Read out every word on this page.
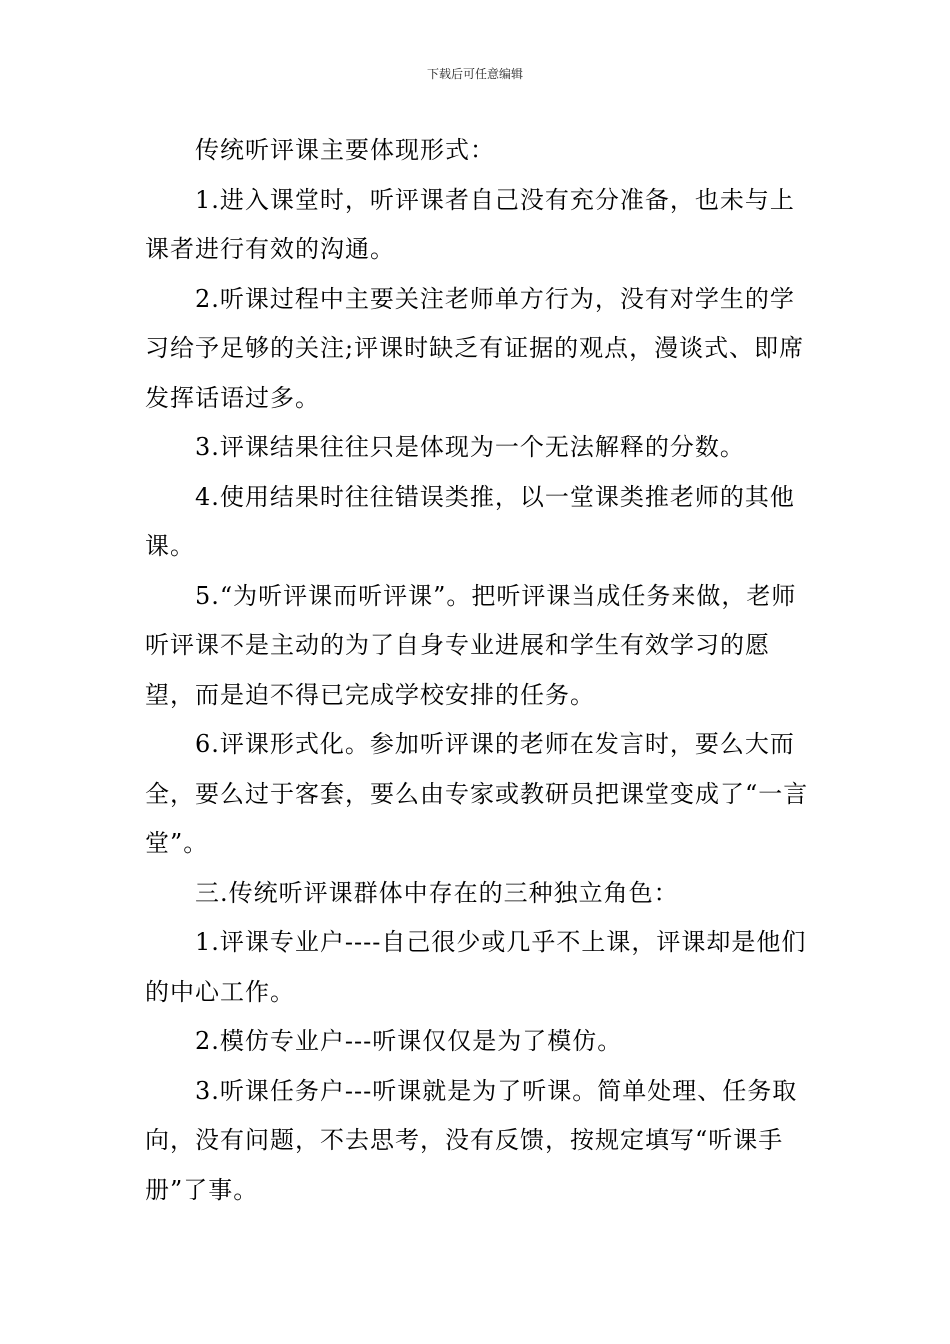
下载后可任意编辑

传统听评课主要体现形式：

1.进入课堂时，听评课者自己没有充分准备，也未与上课者进行有效的沟通。

2.听课过程中主要关注老师单方行为，没有对学生的学习给予足够的关注;评课时缺乏有证据的观点，漫谈式、即席发挥话语过多。

3.评课结果往往只是体现为一个无法解释的分数。

4.使用结果时往往错误类推，以一堂课类推老师的其他课。

5.“为听评课而听评课”。把听评课当成任务来做，老师听评课不是主动的为了自身专业进展和学生有效学习的愿望，而是迫不得已完成学校安排的任务。

6.评课形式化。参加听评课的老师在发言时，要么大而全，要么过于客套，要么由专家或教研员把课堂变成了“一言堂”。

三.传统听评课群体中存在的三种独立角色：

1.评课专业户----自己很少或几乎不上课，评课却是他们的中心工作。

2.模仿专业户---听课仅仅是为了模仿。

3.听课任务户---听课就是为了听课。简单处理、任务取向，没有问题，不去思考，没有反馈，按规定填写“听课手册”了事。
